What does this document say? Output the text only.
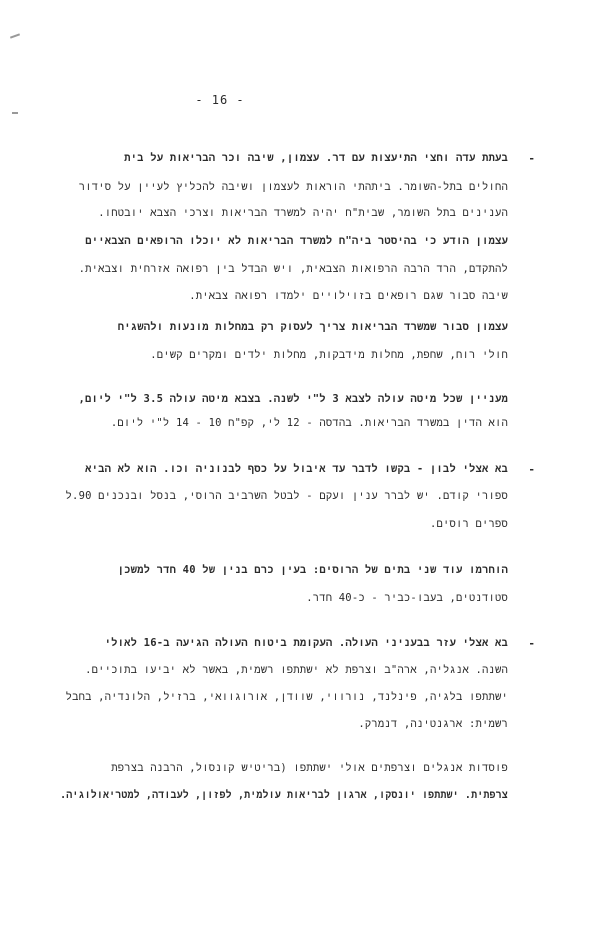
- 16 -
-
בעתת עדה וחצי התיעצות עם דר. עצמון, שיבה וכר הבריאות על בית
החולים בתל-השומר. ביתהתי הוראות לעצמון ושיבה להכליץ לעיין על סידור
הענינים בתל השומר, שבית"ח יהיה למשרד הבריאות וצרכי הצבא יובטחו.
עצמון הודע כי בהיסטר ביה"ח למשרד הבריאות לא יוכלו הרופאים הצבאיים
להתקדם, הרד הרבה הרפואות הצבאית, ויש הבדל בין רפואה אזרחית וצבאית.
שיבה סבור שגם רופאים בזוילויים ילמדו רפואה צבאית.
עצמון סבור שמשרד הבריאות צריך לעסוק רק במחלות מונעות ולהשגיח
חולי רוח, שחפת, מחלות מידבקות, מחלות ילדים ומקרים קשים.
מעניין שכל מיטה עולה לצבא 3 ל"י לשנה. בצבא מיטה עולה 3.5 ל"י ליום,
הוא הדין במשרד הבריאות. בהדסה - 12 לי, קפ"ח 10 - 14 ל"י ליום.
-
בא אצלי לבון - בקשו לדבר עד איבול על כסף לבנוניה וכו. הוא לא הביא
ספורי קודם. יש לברר ענין ועקם - לבטל השרביב הרוסי, בנסל ובנכנים 90.ל
ספרים רוסים.
הוחרמו עוד שני בתים של הרוסים: בעין כרם בנין של 40 חדר למשכן
סטודנטים, בעבו-כביר - כ-40 חדר.
-
בא אצלי עזר בבעניני העולה. העקומת ביטוח העולה הגיעה ב-16 לאולי
השנה. אנגליה, ארה"ב וצרפת לא ישתתפו רשמית, באשר לא יביעו בתוכיים.
ישתתפו בלגיה, פינלנד, נורווי, שוודן, אורוגוואי, ברזיל, הלונדיה, בחבל
רשמית: ארגנטינה, דנמרק.
פוסדות אנגלים וצרפתים אולי ישתתפו (בריטיש קונסול, הרבנה בצרפת
צרפתית. ישתתפו יונסקו, ארגון לבריאות עולמית, לפזון, לעבודה, למטריאולוגיה.
